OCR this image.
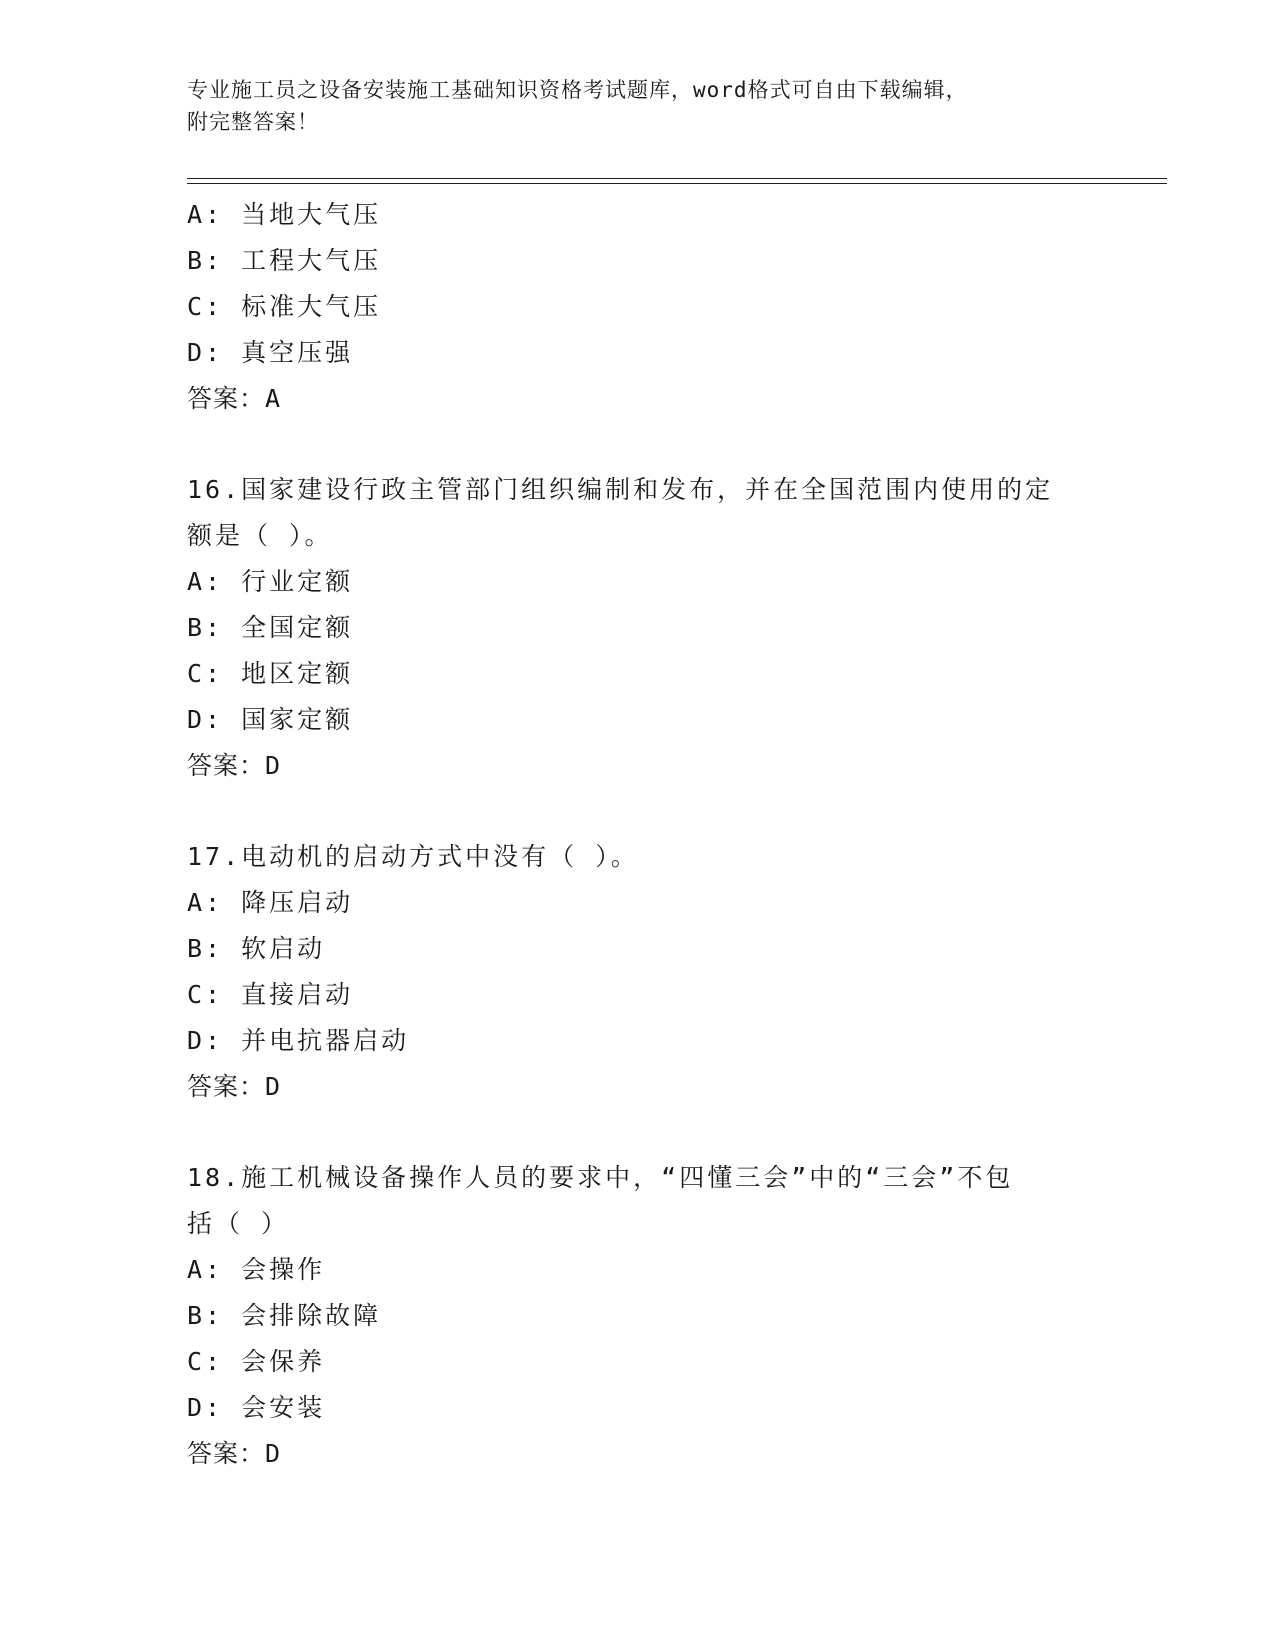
专业施工员之设备安装施工基础知识资格考试题库，word格式可自由下载编辑，
附完整答案！
A: 当地大气压
B: 工程大气压
C: 标准大气压
D: 真空压强
答案：A
16.国家建设行政主管部门组织编制和发布，并在全国范围内使用的定
额是（ ）。
A: 行业定额
B: 全国定额
C: 地区定额
D: 国家定额
答案：D
17.电动机的启动方式中没有（ ）。
A: 降压启动
B: 软启动
C: 直接启动
D: 并电抗器启动
答案：D
18.施工机械设备操作人员的要求中，“四懂三会”中的“三会”不包
括（ ）
A: 会操作
B: 会排除故障
C: 会保养
D: 会安装
答案：D
